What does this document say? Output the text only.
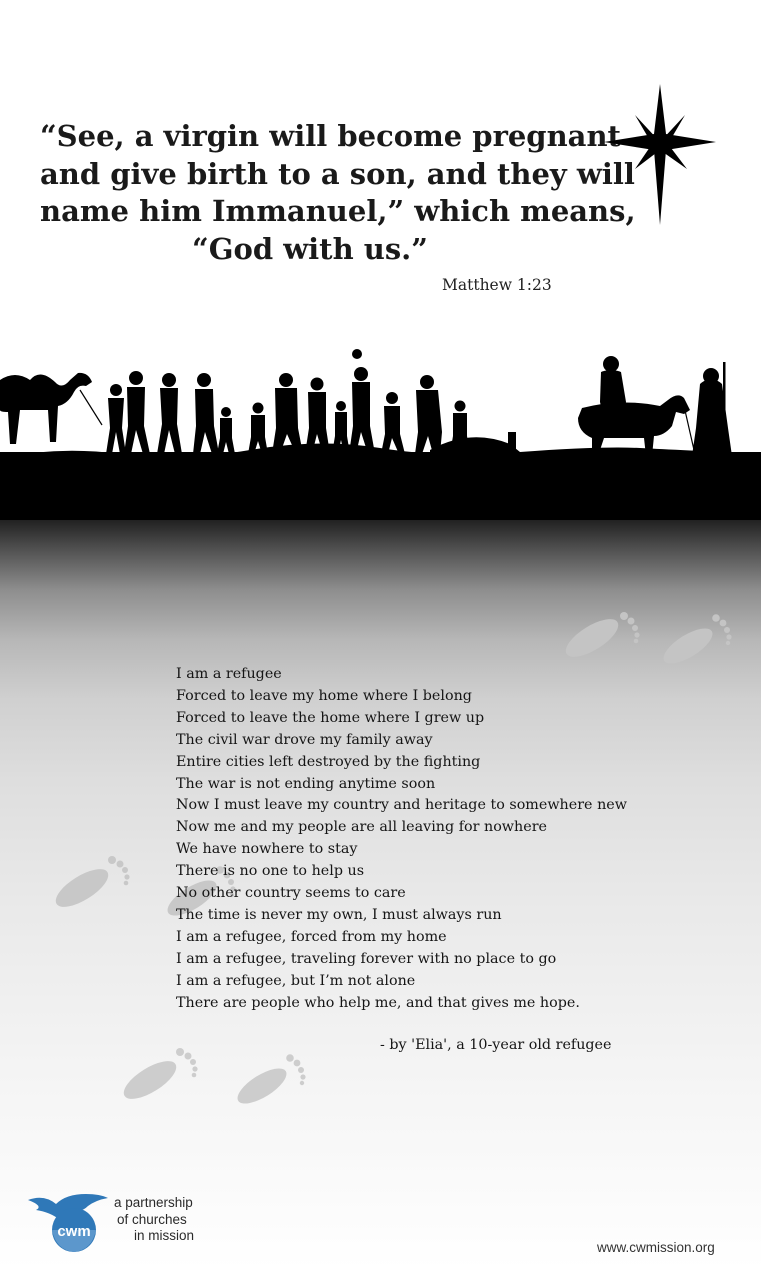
“See, a virgin will become pregnant
and give birth to a son, and they will
name him Immanuel,” which means,
“God with us.”
Matthew 1:23
I am a refugee
Forced to leave my home where I belong
Forced to leave the home where I grew up
The civil war drove my family away
Entire cities left destroyed by the fighting
The war is not ending anytime soon
Now I must leave my country and heritage to somewhere new
Now me and my people are all leaving for nowhere
We have nowhere to stay
There is no one to help us
No other country seems to care
The time is never my own, I must always run
I am a refugee, forced from my home
I am a refugee, traveling forever with no place to go
I am a refugee, but I’m not alone
There are people who help me, and that gives me hope.
- by 'Elia', a 10-year old refugee
cwm
a partnership
of churches
in mission
www.cwmission.org
